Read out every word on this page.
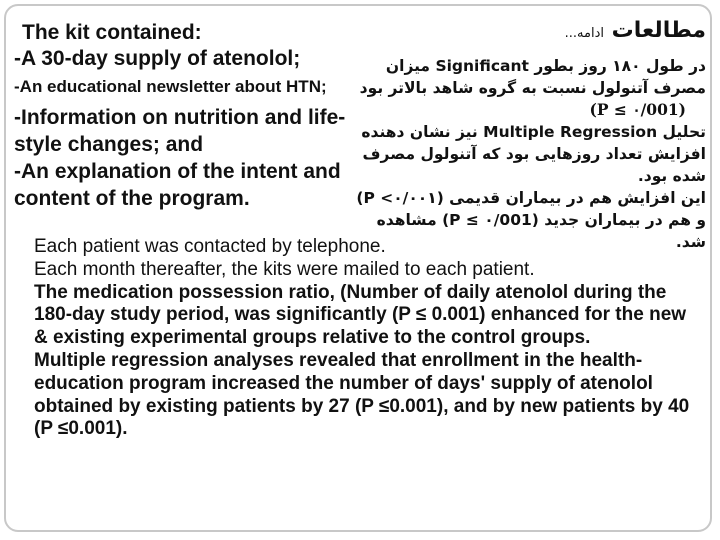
The kit contained:

-A 30-day supply of atenolol;

-An educational newsletter about HTN;

-Information on nutrition and life-style changes; and

-An explanation of the intent and content of the program.

مطالعات ادامه...

در طول ۱۸۰ روز بطور Significant میزان

مصرف آتنولول نسبت به گروه شاهد بالاتر بود

(P ≤ ۰/001)

تحلیل Multiple Regression نیز نشان دهنده

افزایش تعداد روزهایی بود که آتنولول مصرف

شده بود.

این افزایش هم در بیماران قدیمی (P <۰/۰۰۱)

و هم در بیماران جدید (P ≤ ۰/001) مشاهده

شد.

Each patient was contacted by telephone.

Each month thereafter, the kits were mailed to each patient.

The medication possession ratio, (Number of daily atenolol during the 180-day study period, was significantly (P ≤ 0.001) enhanced for the new & existing experimental groups relative to the control groups.

Multiple regression analyses revealed that enrollment in the health-education program increased the number of days' supply of atenolol obtained by existing patients by 27 (P ≤0.001), and by new patients by 40 (P ≤0.001).
